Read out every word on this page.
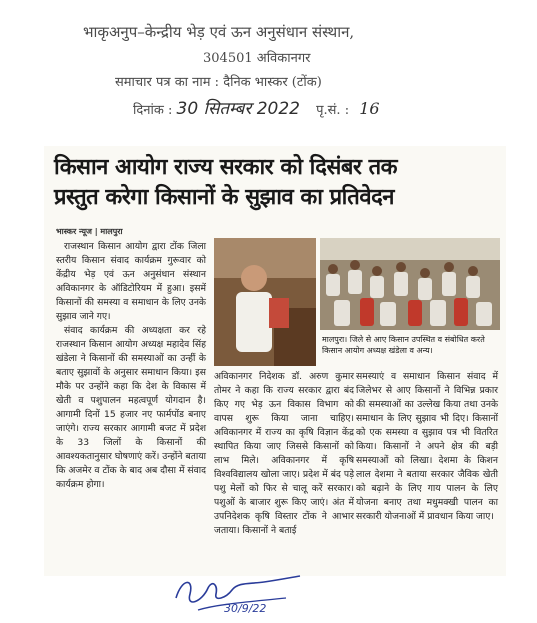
भाकृअनुप–केन्द्रीय भेड़ एवं ऊन अनुसंधान संस्थान,
304501 अविकानगर
समाचार पत्र का नाम : दैनिक भास्कर (टोंक)
दिनांक : 30 सितम्बर 2022 पृ.सं. : 16
किसान आयोग राज्य सरकार को दिसंबर तक
प्रस्तुत करेगा किसानों के सुझाव का प्रतिवेदन
भास्कर न्यूज | मालपुरा

राजस्थान किसान आयोग द्वारा टोंक जिला स्तरीय किसान संवाद कार्यक्रम गुरूवार को केंद्रीय भेड़ एवं ऊन अनुसंधान संस्थान अविकानगर के ऑडिटोरियम में हुआ। इसमें किसानों की समस्या व समाधान के लिए उनके सुझाव जाने गए।

संवाद कार्यक्रम की अध्यक्षता कर रहे राजस्थान किसान आयोग अध्यक्ष महादेव सिंह खंडेला ने किसानों की समस्याओं का उन्हीं के बताए सुझावों के अनुसार समाधान किया। इस मौके पर उन्होंने कहा कि देश के विकास में खेती व पशुपालन महत्वपूर्ण योगदान है। आगामी दिनों 15 हजार नए फार्मपोंड बनाए जाएंगे। राज्य सरकार आगामी बजट में प्रदेश के 33 जिलों के किसानों की आवश्यकतानुसार घोषणाएं करें। उन्होंने बताया कि अजमेर व टोंक के बाद अब दौसा में संवाद कार्यक्रम होगा।

मालपुरा। जिले से आए किसान उपस्थित व संबोधित करते किसान आयोग अध्यक्ष खंडेला व अन्य।
अविकानगर निदेशक डॉ. अरुण कुमार तोमर ने कहा कि राज्य सरकार द्वारा बंद किए गए भेड़ ऊन विकास विभाग को वापस शुरू किया जाना चाहिए। अविकानगर में राज्य का कृषि विज्ञान केंद्र स्थापित किया जाए जिससे किसानों को लाभ मिले। अविकानगर में कृषि विश्वविद्यालय खोला जाए। प्रदेश में बंद पड़े पशु मेलों को फिर से चालू करें सरकार। पशुओं के बाजार शुरू किए जाएं। अंत में उपनिदेशक कृषि विस्तार टोंक ने आभार जताया। किसानों ने बताई
समस्याएं व समाधान किसान संवाद में जिलेभर से आए किसानों ने विभिन्न प्रकार की समस्याओं का उल्लेख किया तथा उनके समाधान के लिए सुझाव भी दिए। किसानों को एक समस्या व सुझाव पत्र भी वितरित किया। किसानों ने अपने क्षेत्र की बड़ी समस्याओं को लिखा। देशमा के किशन लाल देशमा ने बताया सरकार जैविक खेती को बढ़ाने के लिए गाय पालन के लिए योजना बनाए तथा मधुमक्खी पालन का सरकारी योजनाओं में प्रावधान किया जाए।
30/9/22
